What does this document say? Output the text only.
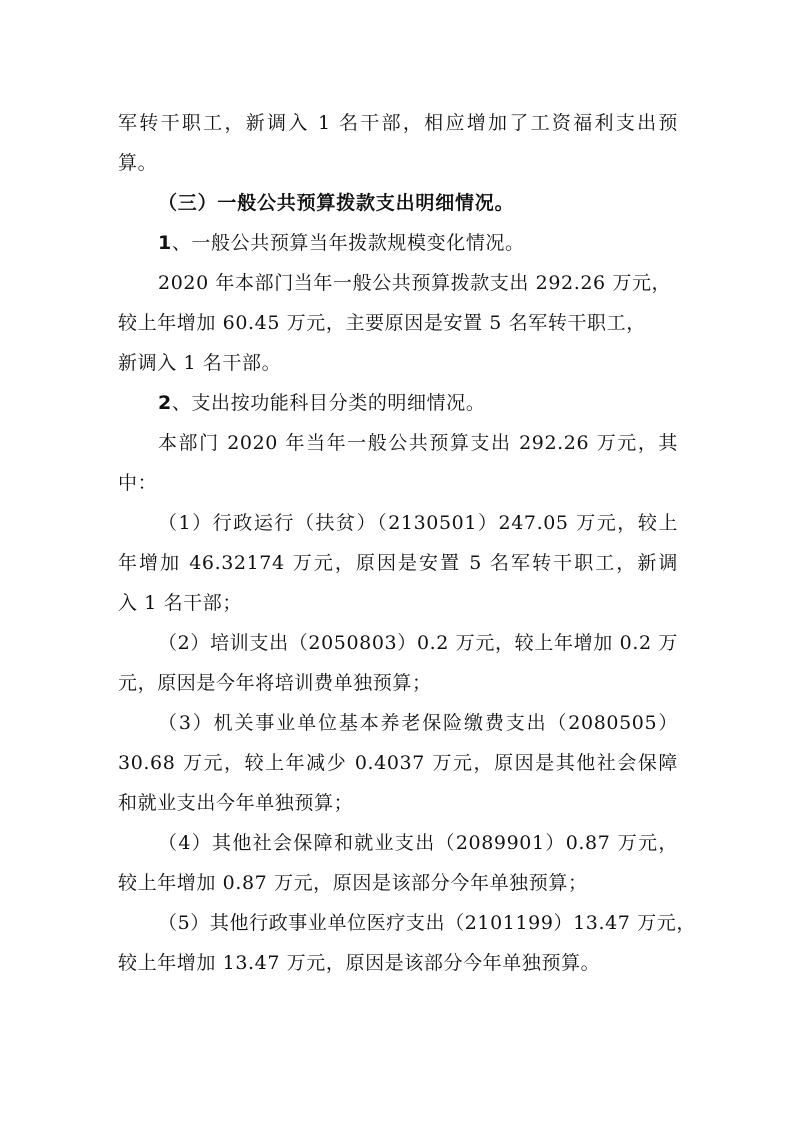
军转干职工，新调入 1 名干部，相应增加了工资福利支出预
算。
（三）一般公共预算拨款支出明细情况。
1、一般公共预算当年拨款规模变化情况。
2020 年本部门当年一般公共预算拨款支出 292.26 万元，
较上年增加 60.45 万元，主要原因是安置 5 名军转干职工，
新调入 1 名干部。
2、支出按功能科目分类的明细情况。
本部门 2020 年当年一般公共预算支出 292.26 万元，其
中：
（1）行政运行（扶贫）（2130501）247.05 万元，较上
年增加 46.32174 万元，原因是安置 5 名军转干职工，新调
入 1 名干部；
（2）培训支出（2050803）0.2 万元，较上年增加 0.2 万
元，原因是今年将培训费单独预算；
（3）机关事业单位基本养老保险缴费支出（2080505）
30.68 万元，较上年减少 0.4037 万元，原因是其他社会保障
和就业支出今年单独预算；
（4）其他社会保障和就业支出（2089901）0.87 万元，
较上年增加 0.87 万元，原因是该部分今年单独预算；
（5）其他行政事业单位医疗支出（2101199）13.47 万元，
较上年增加 13.47 万元，原因是该部分今年单独预算。
